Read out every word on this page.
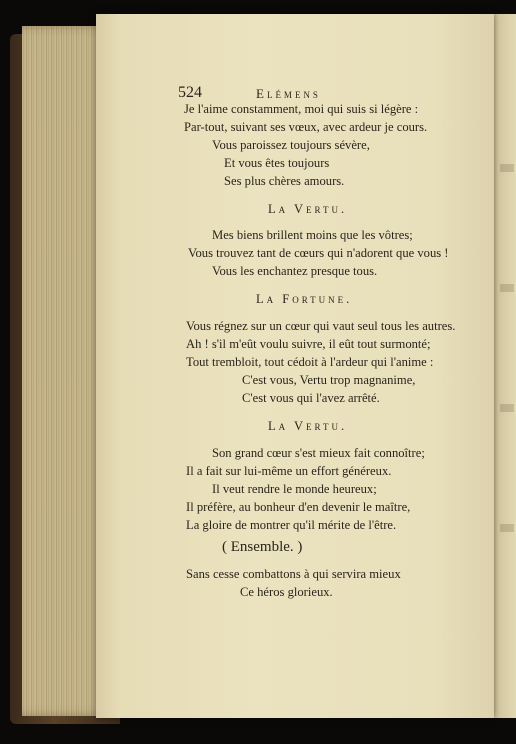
524	Elémens
Je l'aime constamment, moi qui suis si légère :
Par-tout, suivant ses vœux, avec ardeur je cours.
Vous paroissez toujours sévère,
Et vous êtes toujours
Ses plus chères amours.
La Vertu.
Mes biens brillent moins que les vôtres;
Vous trouvez tant de cœurs qui n'adorent que vous !
Vous les enchantez presque tous.
La Fortune.
Vous régnez sur un cœur qui vaut seul tous les autres.
Ah ! s'il m'eût voulu suivre, il eût tout surmonté;
Tout trembloit, tout cédoit à l'ardeur qui l'anime :
C'est vous, Vertu trop magnanime,
C'est vous qui l'avez arrêté.
La Vertu.
Son grand cœur s'est mieux fait connoître;
Il a fait sur lui-même un effort généreux.
Il veut rendre le monde heureux;
Il préfère, au bonheur d'en devenir le maître,
La gloire de montrer qu'il mérite de l'être.
( Ensemble. )
Sans cesse combattons à qui servira mieux
Ce héros glorieux.
